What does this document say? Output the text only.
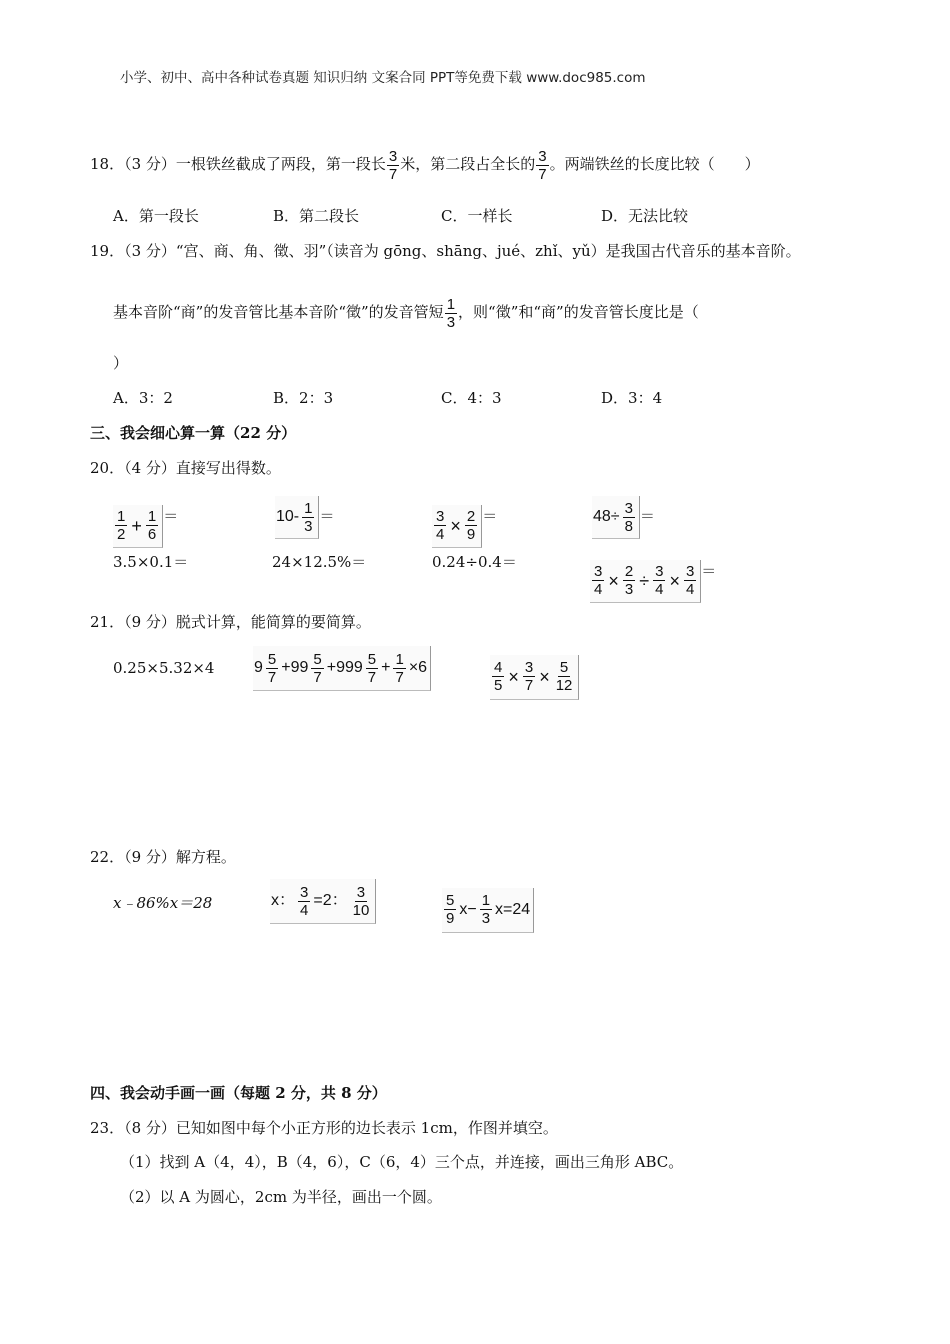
小学、初中、高中各种试卷真题 知识归纳 文案合同 PPT等免费下载 www.doc985.com
18．（3 分）一根铁丝截成了两段，第一段长 $\frac{3}{7}$ 米，第二段占全长的 $\frac{3}{7}$ 。两端铁丝的长度比较（　　）
A．第一段长	B．第二段长	C．一样长	D．无法比较
19．（3 分）“宫、商、角、徵、羽”（读音为 gōng、shāng、jué、zhǐ、yǔ）是我国古代音乐的基本音阶。
基本音阶“商”的发音管比基本音阶“徵”的发音管短 $\frac{1}{3}$ ，则“徵”和“商”的发音管长度比是（
）
A．3：2	B．2：3	C．4：3	D．3：4
三、我会细心算一算（22 分）
20．（4 分）直接写出得数。
$\frac{1}{2} + \frac{1}{6}$ ＝	$10- \frac{1}{3}$ ＝	$\frac{3}{4} \times \frac{2}{9}$ ＝	$48\div \frac{3}{8}$ ＝
3.5×0.1＝	24×12.5%＝	0.24÷0.4＝
$\frac{3}{4} \times \frac{2}{3} \div \frac{3}{4} \times \frac{3}{4}$ ＝
21．（9 分）脱式计算，能简算的要简算。
0.25×5.32×4 $9 \frac{5}{7} +99 \frac{5}{7} +999 \frac{5}{7} + \frac{1}{7} \times 6$	$\frac{4}{5} \times \frac{3}{7} \times \frac{5}{12}$
22．（9 分）解方程。
x﹣86%x＝28	x： $\frac{3}{4} =2$： $\frac{3}{10}$	$\frac{5}{9} x- \frac{1}{3} x=24$
四、我会动手画一画（每题 2 分，共 8 分）
23．（8 分）已知如图中每个小正方形的边长表示 1cm，作图并填空。
（1）找到 A（4，4），B（4，6），C（6，4）三个点，并连接，画出三角形 ABC。
（2）以 A 为圆心，2cm 为半径，画出一个圆。
